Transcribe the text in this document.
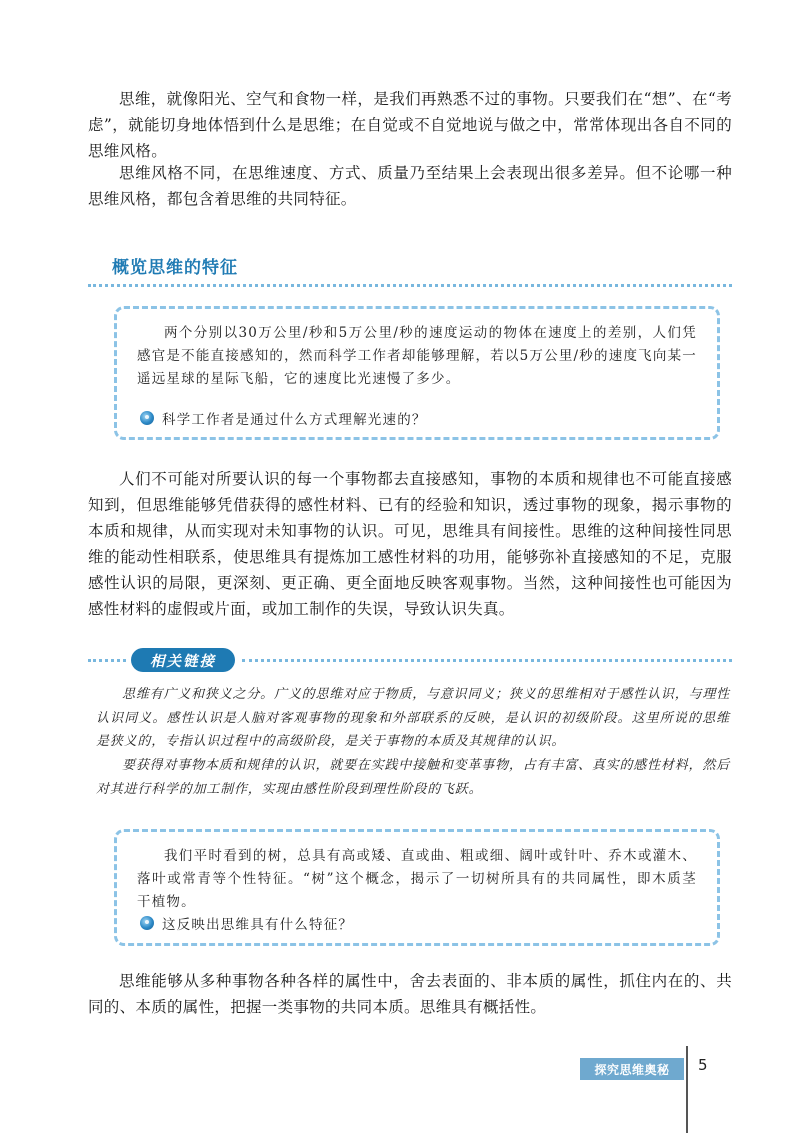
思维，就像阳光、空气和食物一样，是我们再熟悉不过的事物。只要我们在“想”、在“考虑”，就能切身地体悟到什么是思维；在自觉或不自觉地说与做之中，常常体现出各自不同的思维风格。

思维风格不同，在思维速度、方式、质量乃至结果上会表现出很多差异。但不论哪一种思维风格，都包含着思维的共同特征。

概览思维的特征

两个分别以30万公里/秒和5万公里/秒的速度运动的物体在速度上的差别，人们凭感官是不能直接感知的，然而科学工作者却能够理解，若以5万公里/秒的速度飞向某一遥远星球的星际飞船，它的速度比光速慢了多少。

科学工作者是通过什么方式理解光速的？

人们不可能对所要认识的每一个事物都去直接感知，事物的本质和规律也不可能直接感知到，但思维能够凭借获得的感性材料、已有的经验和知识，透过事物的现象，揭示事物的本质和规律，从而实现对未知事物的认识。可见，思维具有间接性。思维的这种间接性同思维的能动性相联系，使思维具有提炼加工感性材料的功用，能够弥补直接感知的不足，克服感性认识的局限，更深刻、更正确、更全面地反映客观事物。当然，这种间接性也可能因为感性材料的虚假或片面，或加工制作的失误，导致认识失真。

相关链接

思维有广义和狭义之分。广义的思维对应于物质，与意识同义；狭义的思维相对于感性认识，与理性认识同义。感性认识是人脑对客观事物的现象和外部联系的反映，是认识的初级阶段。这里所说的思维是狭义的，专指认识过程中的高级阶段，是关于事物的本质及其规律的认识。

要获得对事物本质和规律的认识，就要在实践中接触和变革事物，占有丰富、真实的感性材料，然后对其进行科学的加工制作，实现由感性阶段到理性阶段的飞跃。

我们平时看到的树，总具有高或矮、直或曲、粗或细、阔叶或针叶、乔木或灌木、落叶或常青等个性特征。“树”这个概念，揭示了一切树所具有的共同属性，即木质茎干植物。

这反映出思维具有什么特征？

思维能够从多种事物各种各样的属性中，舍去表面的、非本质的属性，抓住内在的、共同的、本质的属性，把握一类事物的共同本质。思维具有概括性。

探究思维奥秘	5
